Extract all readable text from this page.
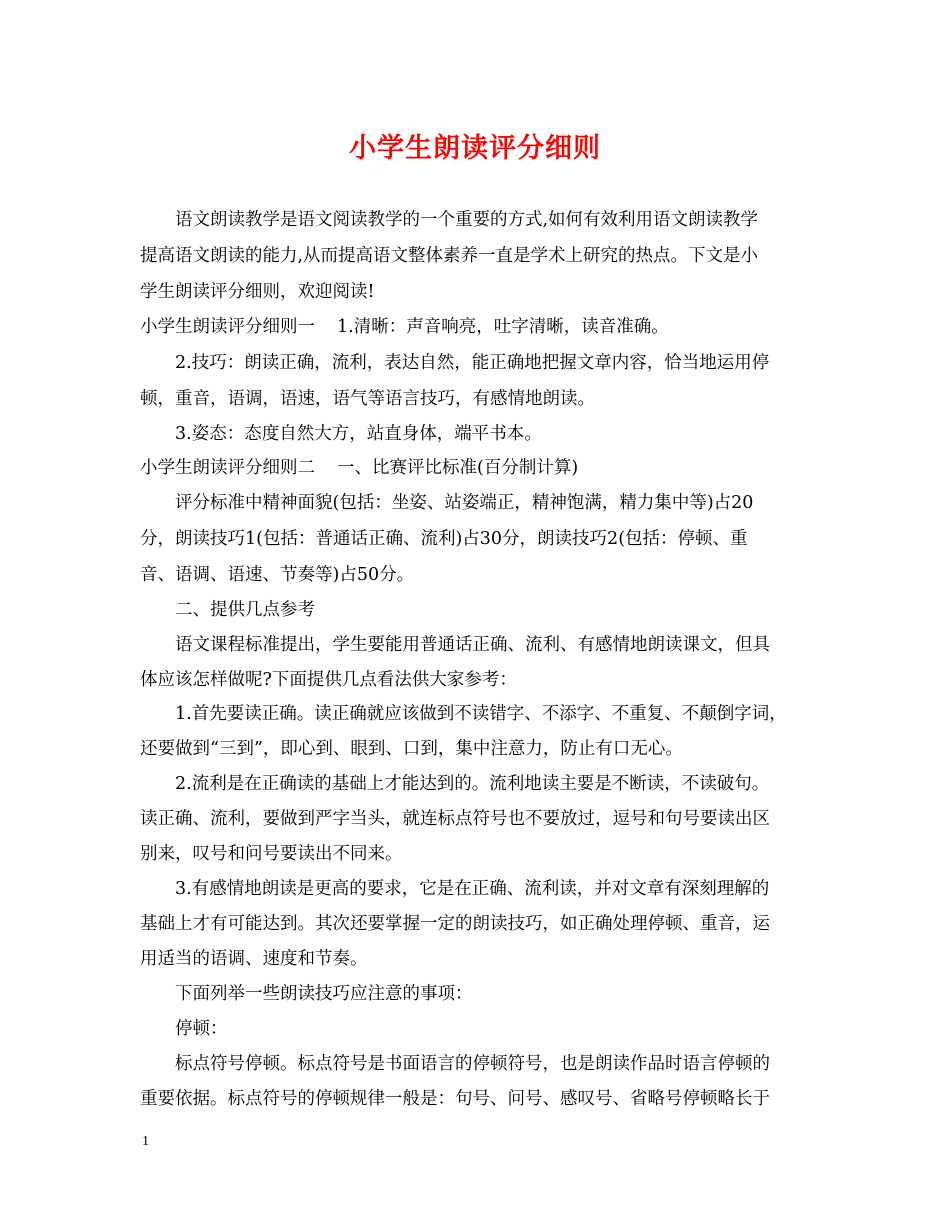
小学生朗读评分细则
语文朗读教学是语文阅读教学的一个重要的方式,如何有效利用语文朗读教学
提高语文朗读的能力,从而提高语文整体素养一直是学术上研究的热点。下文是小
学生朗读评分细则，欢迎阅读!
小学生朗读评分细则一 1.清晰：声音响亮，吐字清晰，读音准确。
2.技巧：朗读正确，流利，表达自然，能正确地把握文章内容，恰当地运用停
顿，重音，语调，语速，语气等语言技巧，有感情地朗读。
3.姿态：态度自然大方，站直身体，端平书本。
小学生朗读评分细则二 一、比赛评比标准(百分制计算)
评分标准中精神面貌(包括：坐姿、站姿端正，精神饱满，精力集中等)占20
分，朗读技巧1(包括：普通话正确、流利)占30分，朗读技巧2(包括：停顿、重
音、语调、语速、节奏等)占50分。
二、提供几点参考
语文课程标准提出，学生要能用普通话正确、流利、有感情地朗读课文，但具
体应该怎样做呢?下面提供几点看法供大家参考：
1.首先要读正确。读正确就应该做到不读错字、不添字、不重复、不颠倒字词，
还要做到“三到”，即心到、眼到、口到，集中注意力，防止有口无心。
2.流利是在正确读的基础上才能达到的。流利地读主要是不断读，不读破句。
读正确、流利，要做到严字当头，就连标点符号也不要放过，逗号和句号要读出区
别来，叹号和问号要读出不同来。
3.有感情地朗读是更高的要求，它是在正确、流利读，并对文章有深刻理解的
基础上才有可能达到。其次还要掌握一定的朗读技巧，如正确处理停顿、重音，运
用适当的语调、速度和节奏。
下面列举一些朗读技巧应注意的事项：
停顿：
标点符号停顿。标点符号是书面语言的停顿符号，也是朗读作品时语言停顿的
重要依据。标点符号的停顿规律一般是：句号、问号、感叹号、省略号停顿略长于
1
